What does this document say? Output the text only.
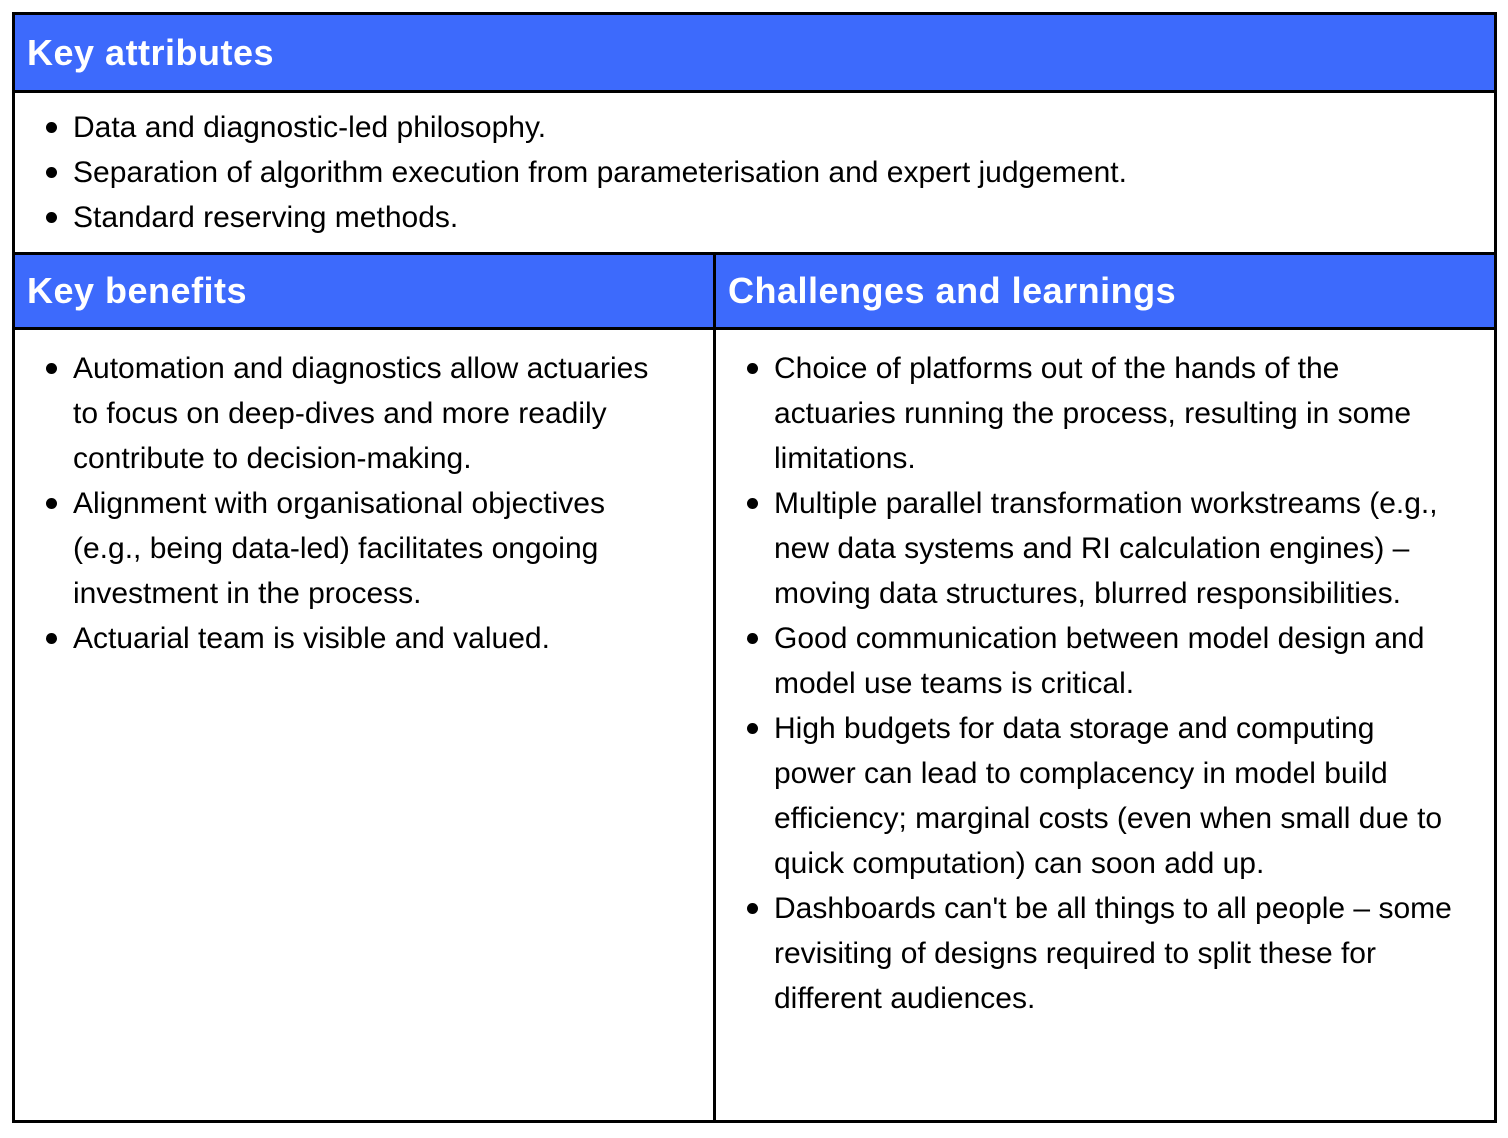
Key attributes
Data and diagnostic-led philosophy.
Separation of algorithm execution from parameterisation and expert judgement.
Standard reserving methods.
Key benefits
Automation and diagnostics allow actuaries to focus on deep-dives and more readily contribute to decision-making.
Alignment with organisational objectives (e.g., being data-led) facilitates ongoing investment in the process.
Actuarial team is visible and valued.
Challenges and learnings
Choice of platforms out of the hands of the actuaries running the process, resulting in some limitations.
Multiple parallel transformation workstreams (e.g., new data systems and RI calculation engines) – moving data structures, blurred responsibilities.
Good communication between model design and model use teams is critical.
High budgets for data storage and computing power can lead to complacency in model build efficiency; marginal costs (even when small due to quick computation) can soon add up.
Dashboards can't be all things to all people – some revisiting of designs required to split these for different audiences.
